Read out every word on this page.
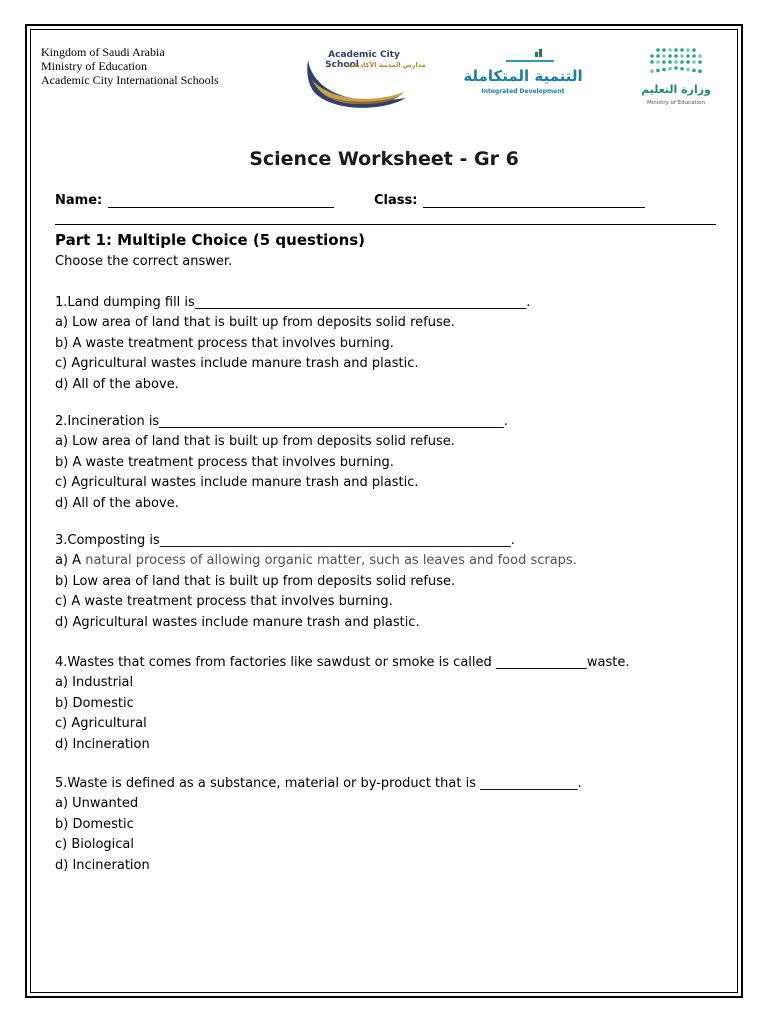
Kingdom of Saudi Arabia
Ministry of Education
Academic City International Schools
Academic City
School
مدارس المدينة الأكاديمية
التنمية المتكاملة
Integrated Development	وزارة التعليم
Ministry of Education
Science Worksheet - Gr 6
Name:	Class:
Part 1: Multiple Choice (5 questions)
Choose the correct answer.
1.Land dumping fill is___________________________________________________.
a) Low area of land that is built up from deposits solid refuse.
b) A waste treatment process that involves burning.
c) Agricultural wastes include manure trash and plastic.
d) All of the above.
2.Incineration is_____________________________________________________.
a) Low area of land that is built up from deposits solid refuse.
b) A waste treatment process that involves burning.
c) Agricultural wastes include manure trash and plastic.
d) All of the above.
3.Composting is______________________________________________________.
a) A natural process of allowing organic matter, such as leaves and food scraps.
b) Low area of land that is built up from deposits solid refuse.
c) A waste treatment process that involves burning.
d) Agricultural wastes include manure trash and plastic.
4.Wastes that comes from factories like sawdust or smoke is called ______________waste.
a) Industrial
b) Domestic
c) Agricultural
d) Incineration
5.Waste is defined as a substance, material or by-product that is _______________.
a) Unwanted
b) Domestic
c) Biological
d) Incineration
